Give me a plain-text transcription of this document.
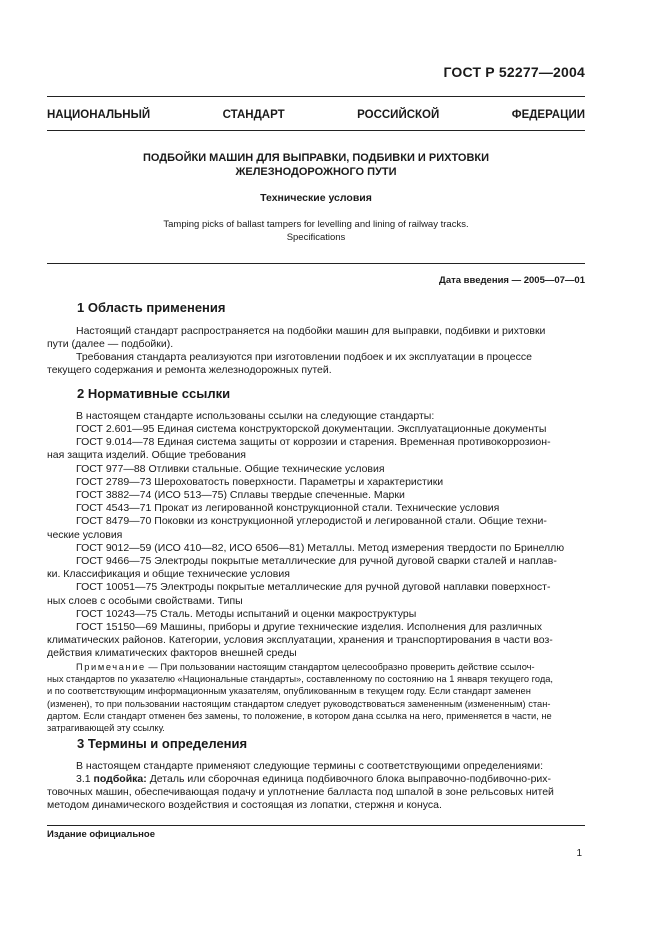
ГОСТ Р 52277—2004
НАЦИОНАЛЬНЫЙ СТАНДАРТ РОССИЙСКОЙ ФЕДЕРАЦИИ
ПОДБОЙКИ МАШИН ДЛЯ ВЫПРАВКИ, ПОДБИВКИ И РИХТОВКИ
ЖЕЛЕЗНОДОРОЖНОГО ПУТИ
Технические условия
Tamping picks of ballast tampers for levelling and lining of railway tracks.
Specifications
Дата введения — 2005—07—01
1 Область применения
Настоящий стандарт распространяется на подбойки машин для выправки, подбивки и рихтовки
пути (далее — подбойки).
Требования стандарта реализуются при изготовлении подбоек и их эксплуатации в процессе
текущего содержания и ремонта железнодорожных путей.
2 Нормативные ссылки
В настоящем стандарте использованы ссылки на следующие стандарты:
ГОСТ 2.601—95 Единая система конструкторской документации. Эксплуатационные документы
ГОСТ 9.014—78 Единая система защиты от коррозии и старения. Временная противокоррозион-
ная защита изделий. Общие требования
ГОСТ 977—88 Отливки стальные. Общие технические условия
ГОСТ 2789—73 Шероховатость поверхности. Параметры и характеристики
ГОСТ 3882—74 (ИСО 513—75) Сплавы твердые спеченные. Марки
ГОСТ 4543—71 Прокат из легированной конструкционной стали. Технические условия
ГОСТ 8479—70 Поковки из конструкционной углеродистой и легированной стали. Общие техни-
ческие условия
ГОСТ 9012—59 (ИСО 410—82, ИСО 6506—81) Металлы. Метод измерения твердости по Бринеллю
ГОСТ 9466—75 Электроды покрытые металлические для ручной дуговой сварки сталей и наплав-
ки. Классификация и общие технические условия
ГОСТ 10051—75 Электроды покрытые металлические для ручной дуговой наплавки поверхност-
ных слоев с особыми свойствами. Типы
ГОСТ 10243—75 Сталь. Методы испытаний и оценки макроструктуры
ГОСТ 15150—69 Машины, приборы и другие технические изделия. Исполнения для различных
климатических районов. Категории, условия эксплуатации, хранения и транспортирования в части воз-
действия климатических факторов внешней среды
Примечание — При пользовании настоящим стандартом целесообразно проверить действие ссылоч-
ных стандартов по указателю «Национальные стандарты», составленному по состоянию на 1 января текущего года,
и по соответствующим информационным указателям, опубликованным в текущем году. Если стандарт заменен
(изменен), то при пользовании настоящим стандартом следует руководствоваться замененным (измененным) стан-
дартом. Если стандарт отменен без замены, то положение, в котором дана ссылка на него, применяется в части, не
затрагивающей эту ссылку.
3 Термины и определения
В настоящем стандарте применяют следующие термины с соответствующими определениями:
3.1 подбойка: Деталь или сборочная единица подбивочного блока выправочно-подбивочно-рих-
товочных машин, обеспечивающая подачу и уплотнение балласта под шпалой в зоне рельсовых нитей
методом динамического воздействия и состоящая из лопатки, стержня и конуса.
Издание официальное
1
